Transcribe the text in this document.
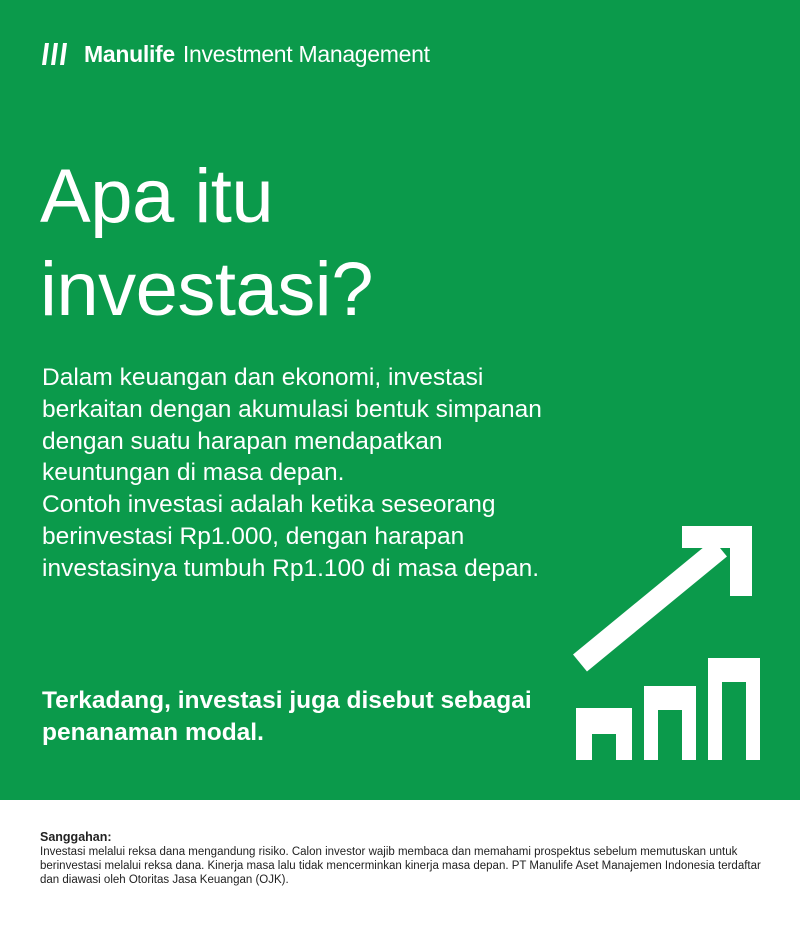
Manulife Investment Management
Apa itu
investasi?

Dalam keuangan dan ekonomi, investasi berkaitan dengan akumulasi bentuk simpanan dengan suatu harapan mendapatkan keuntungan di masa depan.

Contoh investasi adalah ketika seseorang berinvestasi Rp1.000, dengan harapan investasinya tumbuh Rp1.100 di masa depan.

Terkadang, investasi juga disebut sebagai penanaman modal.

Sanggahan:
Investasi melalui reksa dana mengandung risiko. Calon investor wajib membaca dan memahami prospektus sebelum memutuskan untuk berinvestasi melalui reksa dana. Kinerja masa lalu tidak mencerminkan kinerja masa depan. PT Manulife Aset Manajemen Indonesia terdaftar dan diawasi oleh Otoritas Jasa Keuangan (OJK).
